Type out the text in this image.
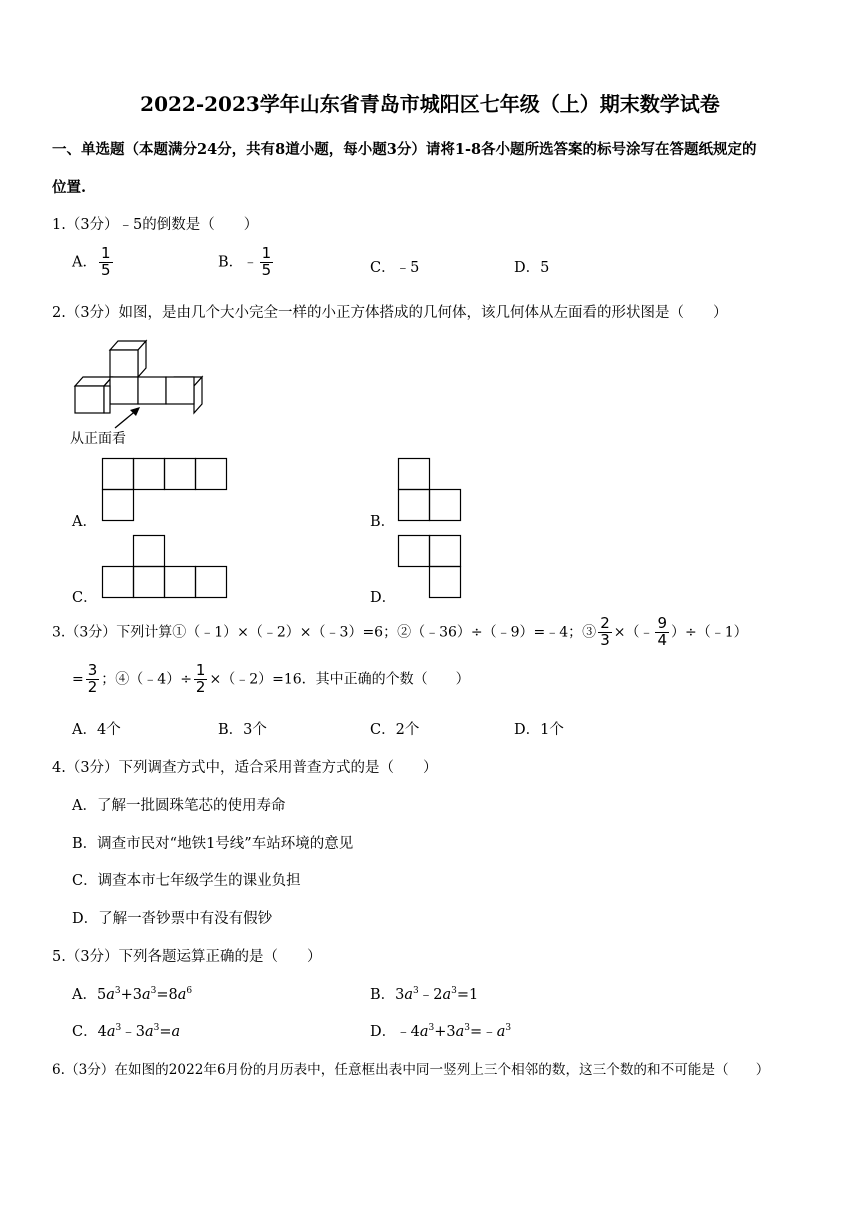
2022-2023学年山东省青岛市城阳区七年级（上）期末数学试卷
一、单选题（本题满分24分，共有8道小题，每小题3分）请将1-8各小题所选答案的标号涂写在答题纸规定的
位置.
1.（3分）﹣5的倒数是（　　）
A． $\frac{1}{5}$	B．﹣ $\frac{1}{5}$	C．﹣5	D．5
2.（3分）如图，是由几个大小完全一样的小正方体搭成的几何体，该几何体从左面看的形状图是（　　）
从正面看
A．	B．
C．	D．
3.（3分）下列计算①（﹣1）×（﹣2）×（﹣3）=6；②（﹣36）÷（﹣9）=﹣4；③ $\frac{2}{3}$ ×（﹣ $\frac{9}{4}$ ）÷（﹣1）
= $\frac{3}{2}$ ；④（﹣4）÷ $\frac{1}{2}$ ×（﹣2）=16．其中正确的个数（　　）
A．4个	B．3个	C．2个	D．1个
4.（3分）下列调查方式中，适合采用普查方式的是（　　）
A．了解一批圆珠笔芯的使用寿命
B．调查市民对“地铁1号线”车站环境的意见
C．调查本市七年级学生的课业负担
D．了解一沓钞票中有没有假钞
5.（3分）下列各题运算正确的是（　　）
A．$5a^3+3a^3=8a^6$	B．$3a^3﹣2a^3=1$
C．$4a^3﹣3a^3=a$	D．$﹣4a^3+3a^3=﹣a^3$
6.（3分）在如图的2022年6月份的月历表中，任意框出表中同一竖列上三个相邻的数，这三个数的和不可能是（　　）
